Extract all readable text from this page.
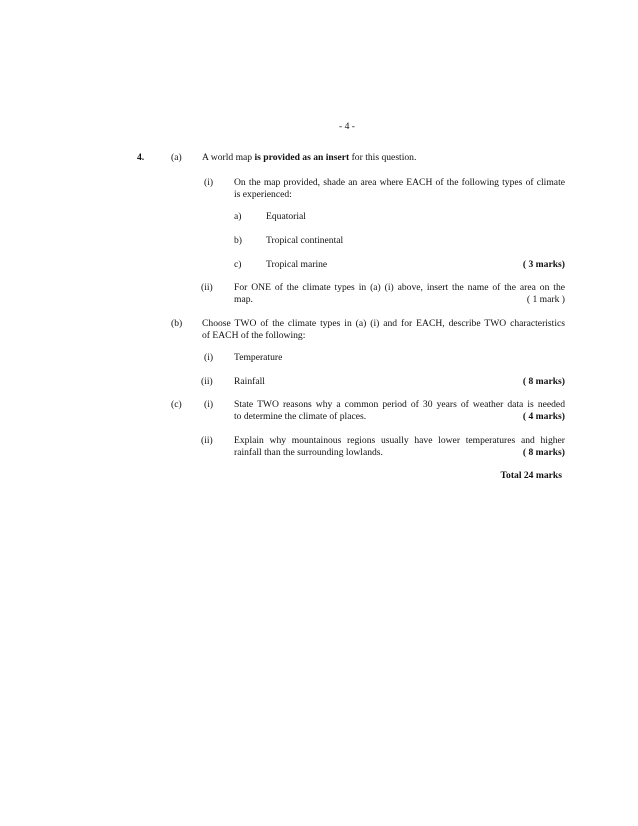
- 4 -
4.	(a) A world map is provided as an insert for this question.
(i) On the map provided, shade an area where EACH of the following types of climate
is experienced:
a)	Equatorial
b)	Tropical continental
c)	Tropical marine	( 3 marks)
(ii) For ONE of the climate types in (a) (i) above, insert the name of the area on the
map.	( 1 mark )
(b) Choose TWO of the climate types in (a) (i) and for EACH, describe TWO characteristics
of EACH of the following:
(i) Temperature
(ii) Rainfall	( 8 marks)
(c) (i) State TWO reasons why a common period of 30 years of weather data is needed
to determine the climate of places.	( 4 marks)
(ii) Explain why mountainous regions usually have lower temperatures and higher
rainfall than the surrounding lowlands.	( 8 marks)
Total 24 marks
